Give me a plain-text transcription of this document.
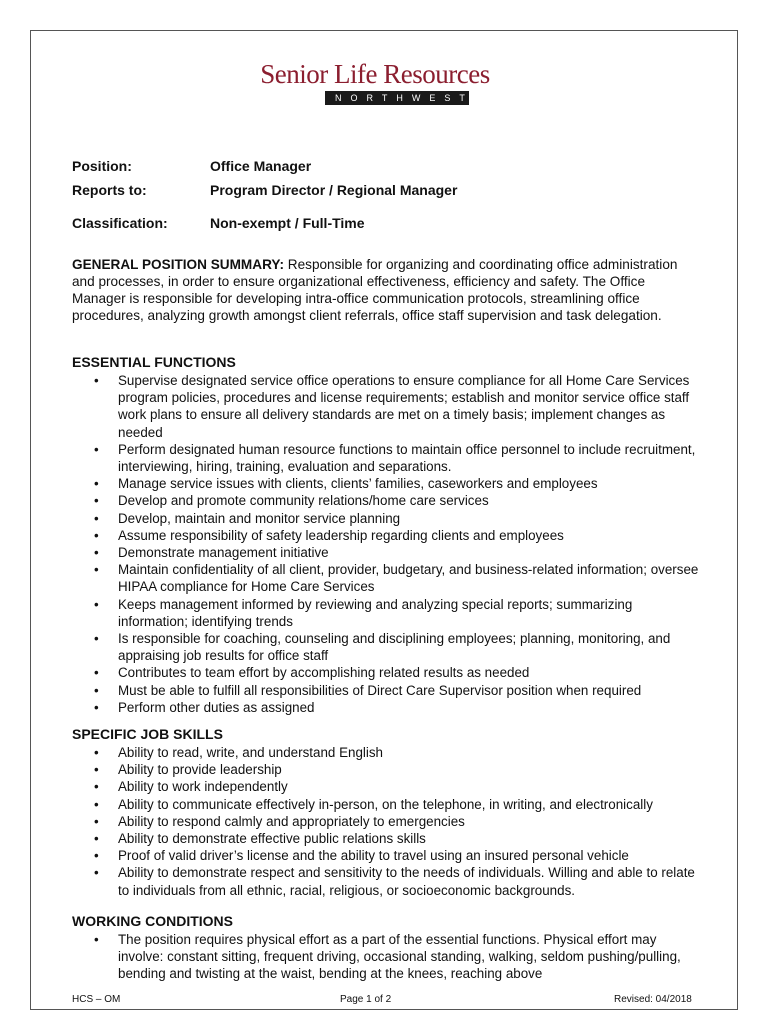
Senior Life Resources
NORTHWEST
Position:	Office Manager
Reports to:	Program Director / Regional Manager
Classification:	Non-exempt / Full-Time
GENERAL POSITION SUMMARY: Responsible for organizing and coordinating office administration and processes, in order to ensure organizational effectiveness, efficiency and safety. The Office Manager is responsible for developing intra-office communication protocols, streamlining office procedures, analyzing growth amongst client referrals, office staff supervision and task delegation.
ESSENTIAL FUNCTIONS
• Supervise designated service office operations to ensure compliance for all Home Care Services program policies, procedures and license requirements; establish and monitor service office staff work plans to ensure all delivery standards are met on a timely basis; implement changes as needed
• Perform designated human resource functions to maintain office personnel to include recruitment, interviewing, hiring, training, evaluation and separations.
• Manage service issues with clients, clients’ families, caseworkers and employees
• Develop and promote community relations/home care services
• Develop, maintain and monitor service planning
• Assume responsibility of safety leadership regarding clients and employees
• Demonstrate management initiative
• Maintain confidentiality of all client, provider, budgetary, and business-related information; oversee HIPAA compliance for Home Care Services
• Keeps management informed by reviewing and analyzing special reports; summarizing information; identifying trends
• Is responsible for coaching, counseling and disciplining employees; planning, monitoring, and appraising job results for office staff
• Contributes to team effort by accomplishing related results as needed
• Must be able to fulfill all responsibilities of Direct Care Supervisor position when required
• Perform other duties as assigned
SPECIFIC JOB SKILLS
• Ability to read, write, and understand English
• Ability to provide leadership
• Ability to work independently
• Ability to communicate effectively in-person, on the telephone, in writing, and electronically
• Ability to respond calmly and appropriately to emergencies
• Ability to demonstrate effective public relations skills
• Proof of valid driver’s license and the ability to travel using an insured personal vehicle
• Ability to demonstrate respect and sensitivity to the needs of individuals. Willing and able to relate to individuals from all ethnic, racial, religious, or socioeconomic backgrounds.
WORKING CONDITIONS
• The position requires physical effort as a part of the essential functions. Physical effort may involve: constant sitting, frequent driving, occasional standing, walking, seldom pushing/pulling, bending and twisting at the waist, bending at the knees, reaching above
HCS – OM	Page 1 of 2	Revised: 04/2018
